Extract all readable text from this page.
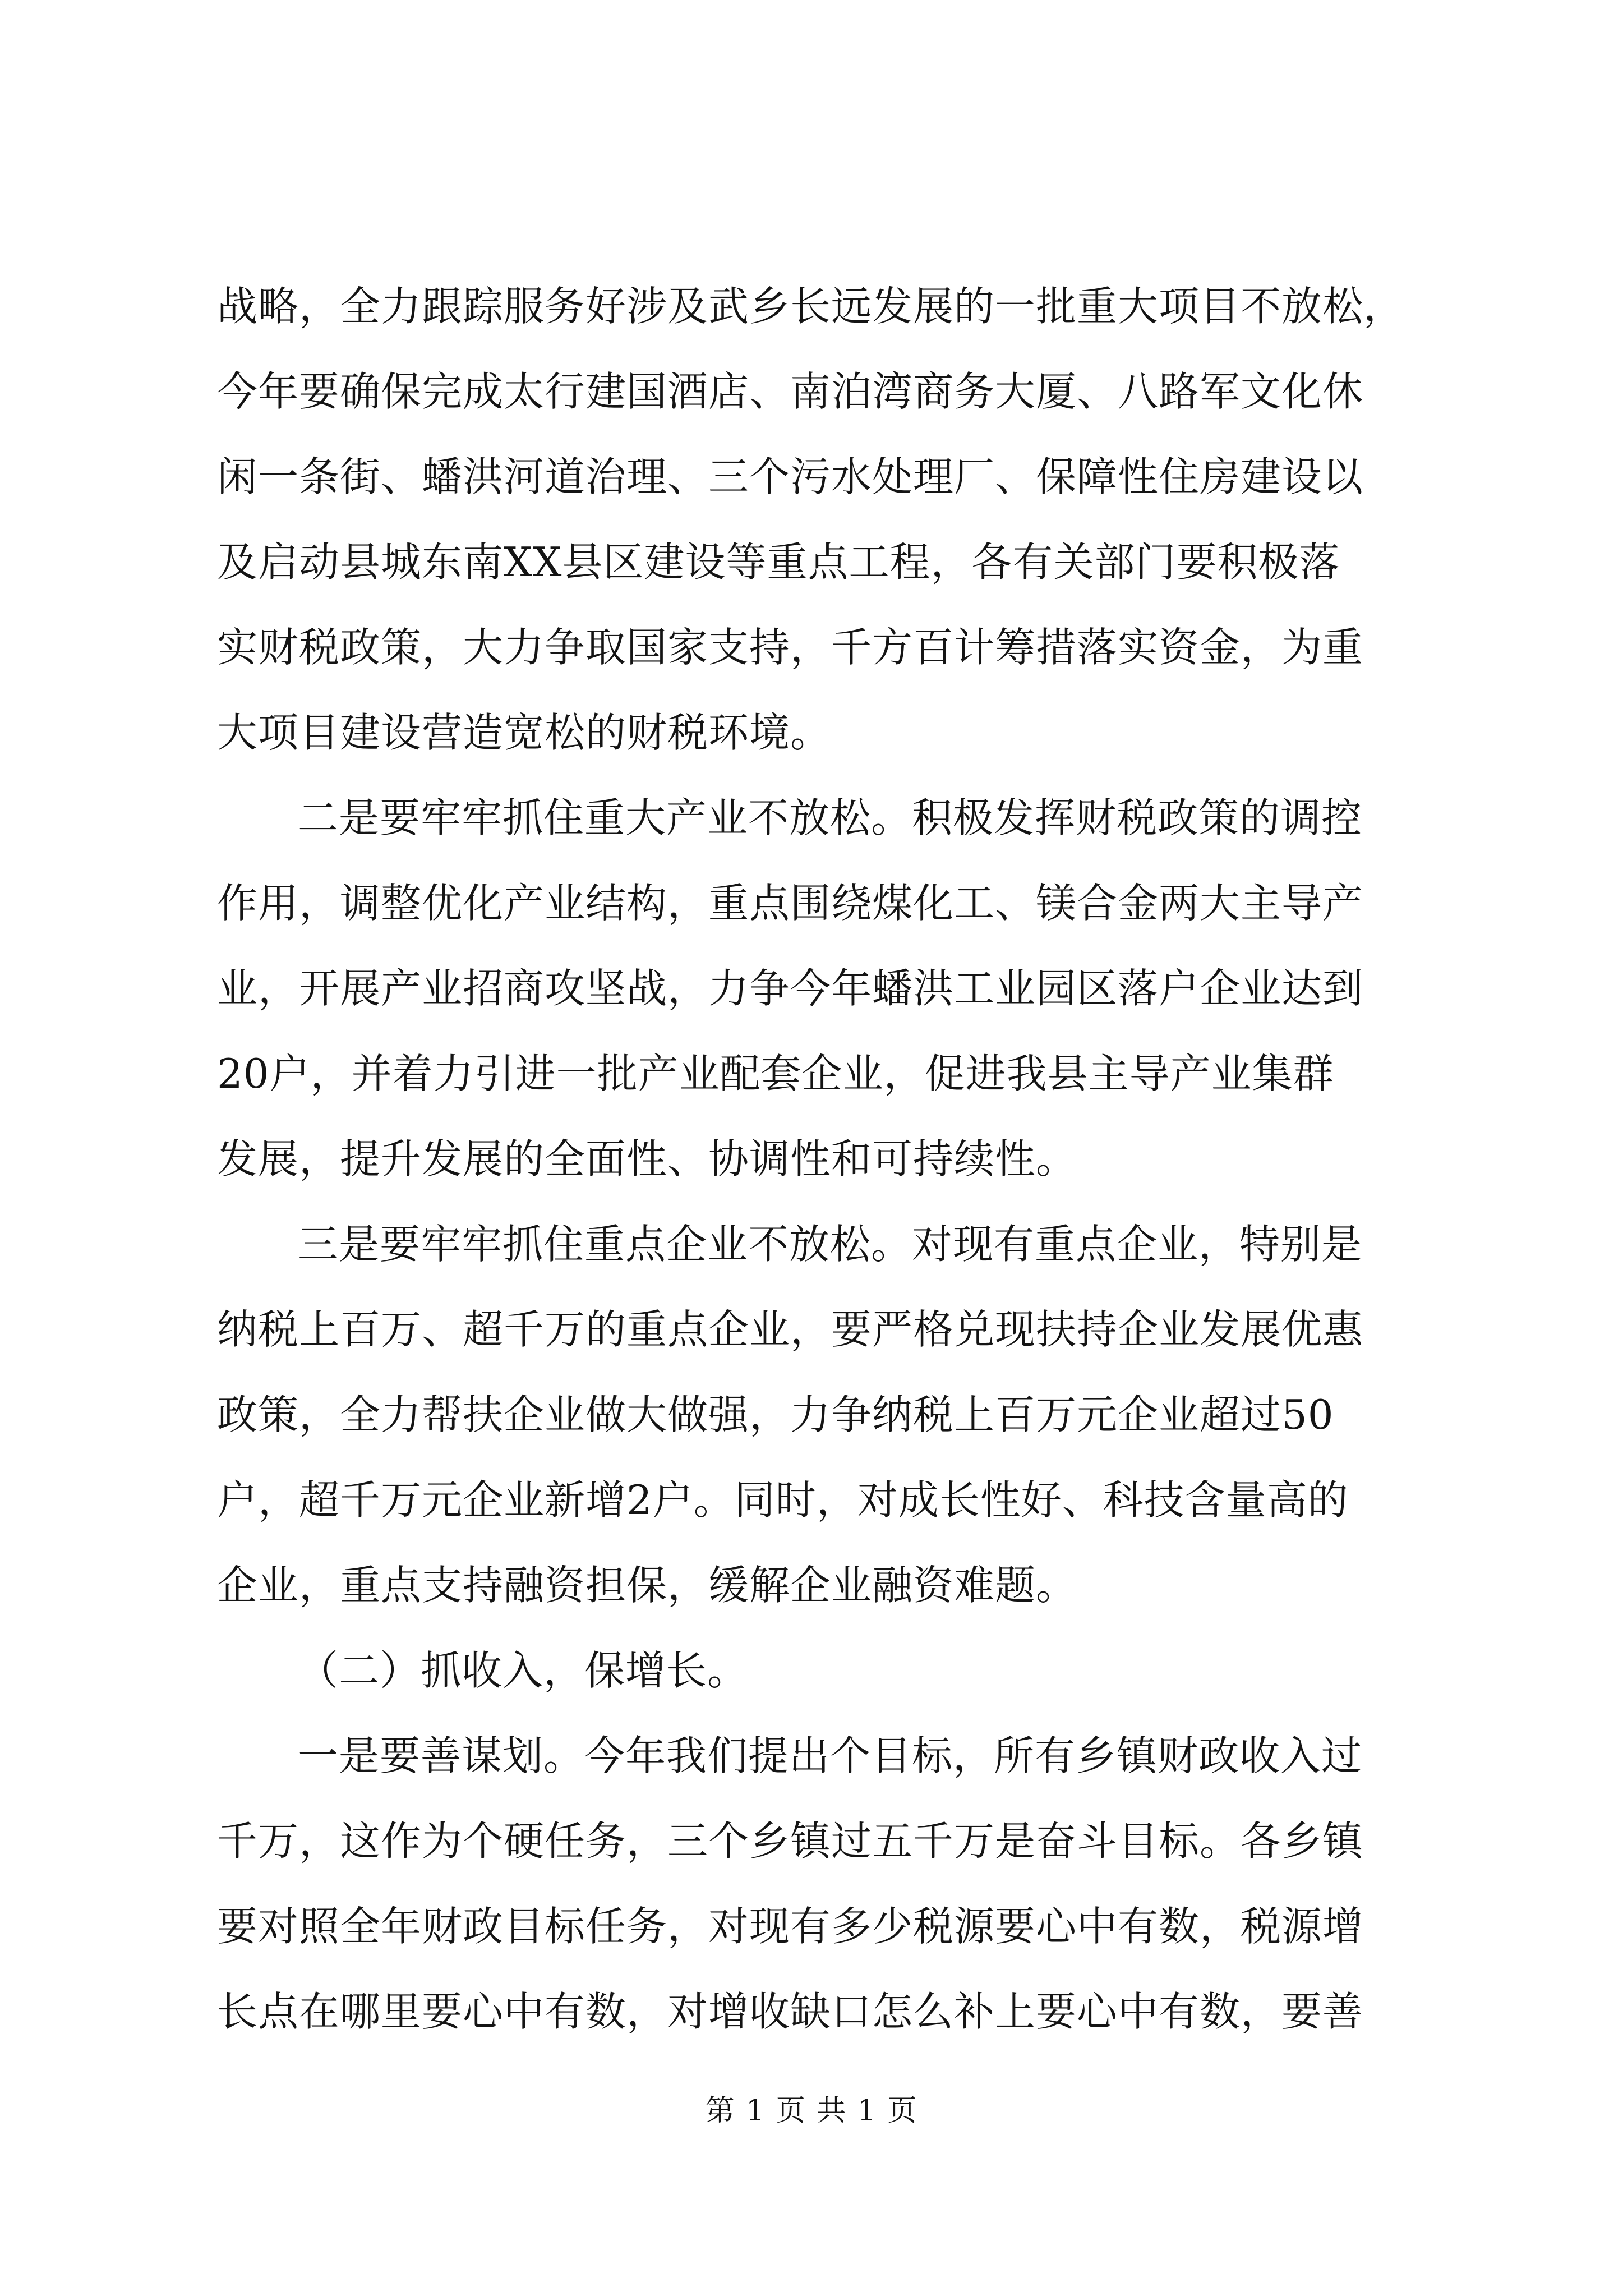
战略，全力跟踪服务好涉及武乡长远发展的一批重大项目不放松，
今年要确保完成太行建国酒店、南泊湾商务大厦、八路军文化休
闲一条街、蟠洪河道治理、三个污水处理厂、保障性住房建设以
及启动县城东南XX县区建设等重点工程，各有关部门要积极落
实财税政策，大力争取国家支持，千方百计筹措落实资金，为重
大项目建设营造宽松的财税环境。

二是要牢牢抓住重大产业不放松。积极发挥财税政策的调控
作用，调整优化产业结构，重点围绕煤化工、镁合金两大主导产
业，开展产业招商攻坚战，力争今年蟠洪工业园区落户企业达到
20户，并着力引进一批产业配套企业，促进我县主导产业集群
发展，提升发展的全面性、协调性和可持续性。

三是要牢牢抓住重点企业不放松。对现有重点企业，特别是
纳税上百万、超千万的重点企业，要严格兑现扶持企业发展优惠
政策，全力帮扶企业做大做强，力争纳税上百万元企业超过50
户，超千万元企业新增2户。同时，对成长性好、科技含量高的
企业，重点支持融资担保，缓解企业融资难题。

（二）抓收入，保增长。

一是要善谋划。今年我们提出个目标，所有乡镇财政收入过
千万，这作为个硬任务，三个乡镇过五千万是奋斗目标。各乡镇
要对照全年财政目标任务，对现有多少税源要心中有数，税源增
长点在哪里要心中有数，对增收缺口怎么补上要心中有数，要善

第 1 页 共 1 页
